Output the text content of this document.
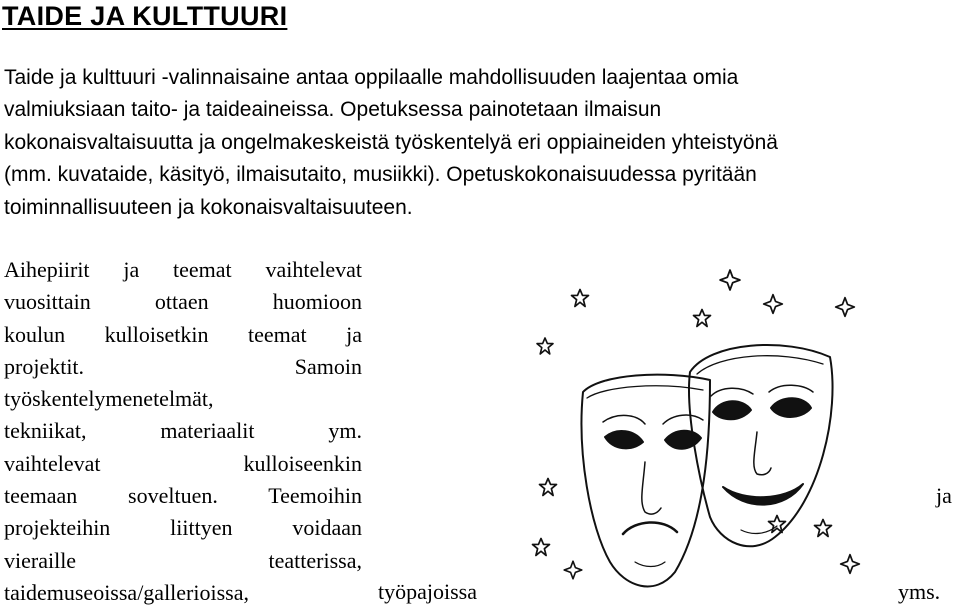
TAIDE JA KULTTUURI
Taide ja kulttuuri -valinnaisaine antaa oppilaalle mahdollisuuden laajentaa omia
valmiuksiaan taito- ja taideaineissa. Opetuksessa painotetaan ilmaisun
kokonaisvaltaisuutta ja ongelmakeskeistä työskentelyä eri oppiaineiden yhteistyönä
(mm. kuvataide, käsityö, ilmaisutaito, musiikki). Opetuskokonaisuudessa pyritään
toiminnallisuuteen ja kokonaisvaltaisuuteen.
Aihepiirit ja teemat vaihtelevat
vuosittain ottaen huomioon
koulun kulloisetkin teemat ja
projektit. Samoin
työskentelymenetelmät,
tekniikat, materiaalit ym.
vaihtelevat kulloiseenkin
teemaan soveltuen. Teemoihin
projekteihin liittyen voidaan
vieraille teatterissa,
taidemuseoissa/gallerioissa,
ja
työpajoissa	yms.
